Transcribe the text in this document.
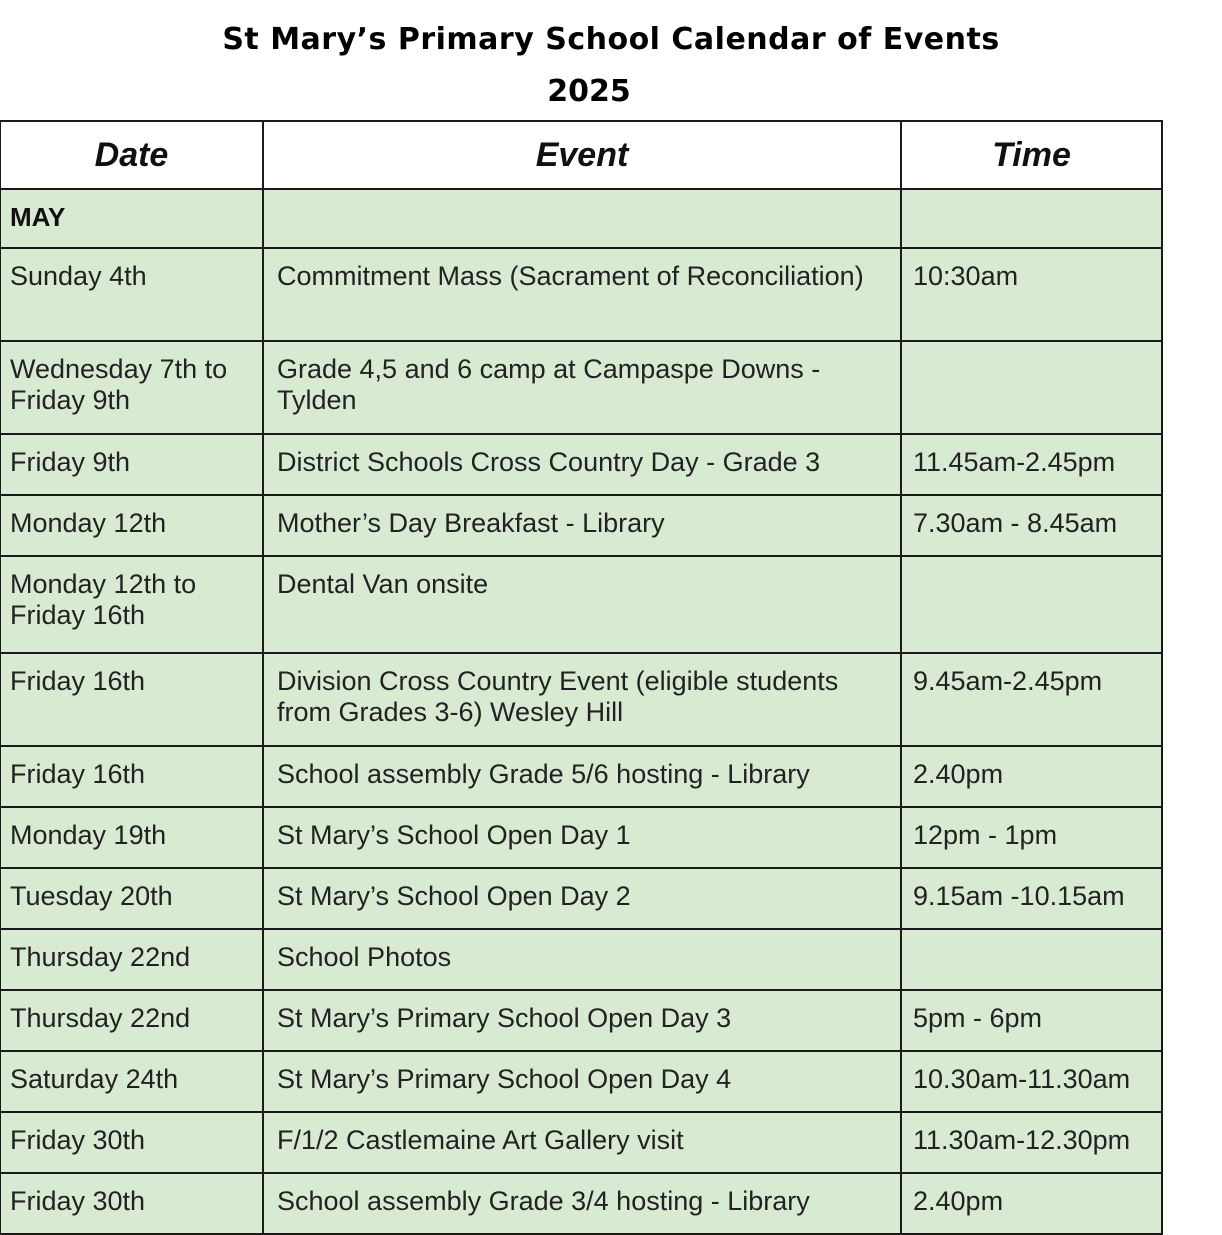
St Mary’s Primary School Calendar of Events
2025
Date	Event	Time
MAY		
Sunday 4th	Commitment Mass (Sacrament of Reconciliation)	10:30am
Wednesday 7th to Friday 9th	Grade 4,5 and 6 camp at Campaspe Downs - Tylden	
Friday 9th	District Schools Cross Country Day - Grade 3	11.45am-2.45pm
Monday 12th	Mother’s Day Breakfast - Library	7.30am - 8.45am
Monday 12th to Friday 16th	Dental Van onsite	
Friday 16th	Division Cross Country Event (eligible students from Grades 3-6) Wesley Hill	9.45am-2.45pm
Friday 16th	School assembly Grade 5/6 hosting - Library	2.40pm
Monday 19th	St Mary’s School Open Day 1	12pm - 1pm
Tuesday 20th	St Mary’s School Open Day 2	9.15am -10.15am
Thursday 22nd	School Photos	
Thursday 22nd	St Mary’s Primary School Open Day 3	5pm - 6pm
Saturday 24th	St Mary’s Primary School Open Day 4	10.30am-11.30am
Friday 30th	F/1/2 Castlemaine Art Gallery visit	11.30am-12.30pm
Friday 30th	School assembly Grade 3/4 hosting - Library	2.40pm
